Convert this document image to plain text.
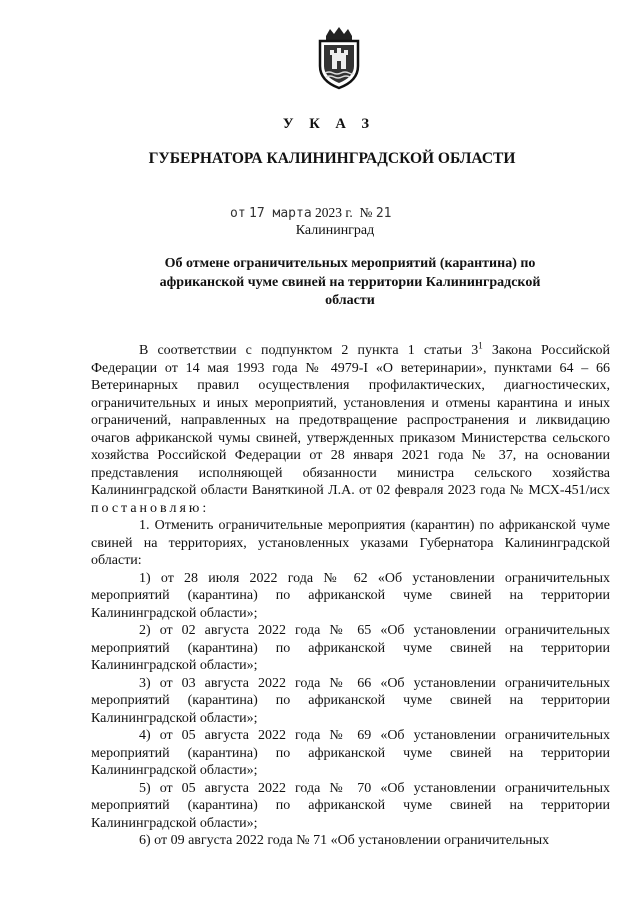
У К А З
ГУБЕРНАТОРА КАЛИНИНГРАДСКОЙ ОБЛАСТИ
от 17 марта 2023 г. № 21
Калининград
Об отмене ограничительных мероприятий (карантина) по африканской чуме свиней на территории Калининградской области

В соответствии с подпунктом 2 пункта 1 статьи $3^1$ Закона Российской Федерации от 14 мая 1993 года № 4979-I «О ветеринарии», пунктами 64 – 66 Ветеринарных правил осуществления профилактических, диагностических, ограничительных и иных мероприятий, установления и отмены карантина и иных ограничений, направленных на предотвращение распространения и ликвидацию очагов африканской чумы свиней, утвержденных приказом Министерства сельского хозяйства Российской Федерации от 28 января 2021 года № 37, на основании представления исполняющей обязанности министра сельского хозяйства Калининградской области Ваняткиной Л.А. от 02 февраля 2023 года № МСХ-451/исх постановляю:

1. Отменить ограничительные мероприятия (карантин) по африканской чуме свиней на территориях, установленных указами Губернатора Калининградской области:

1) от 28 июля 2022 года № 62 «Об установлении ограничительных мероприятий (карантина) по африканской чуме свиней на территории Калининградской области»;

2) от 02 августа 2022 года № 65 «Об установлении ограничительных мероприятий (карантина) по африканской чуме свиней на территории Калининградской области»;

3) от 03 августа 2022 года № 66 «Об установлении ограничительных мероприятий (карантина) по африканской чуме свиней на территории Калининградской области»;

4) от 05 августа 2022 года № 69 «Об установлении ограничительных мероприятий (карантина) по африканской чуме свиней на территории Калининградской области»;

5) от 05 августа 2022 года № 70 «Об установлении ограничительных мероприятий (карантина) по африканской чуме свиней на территории Калининградской области»;

6) от 09 августа 2022 года № 71 «Об установлении ограничительных
